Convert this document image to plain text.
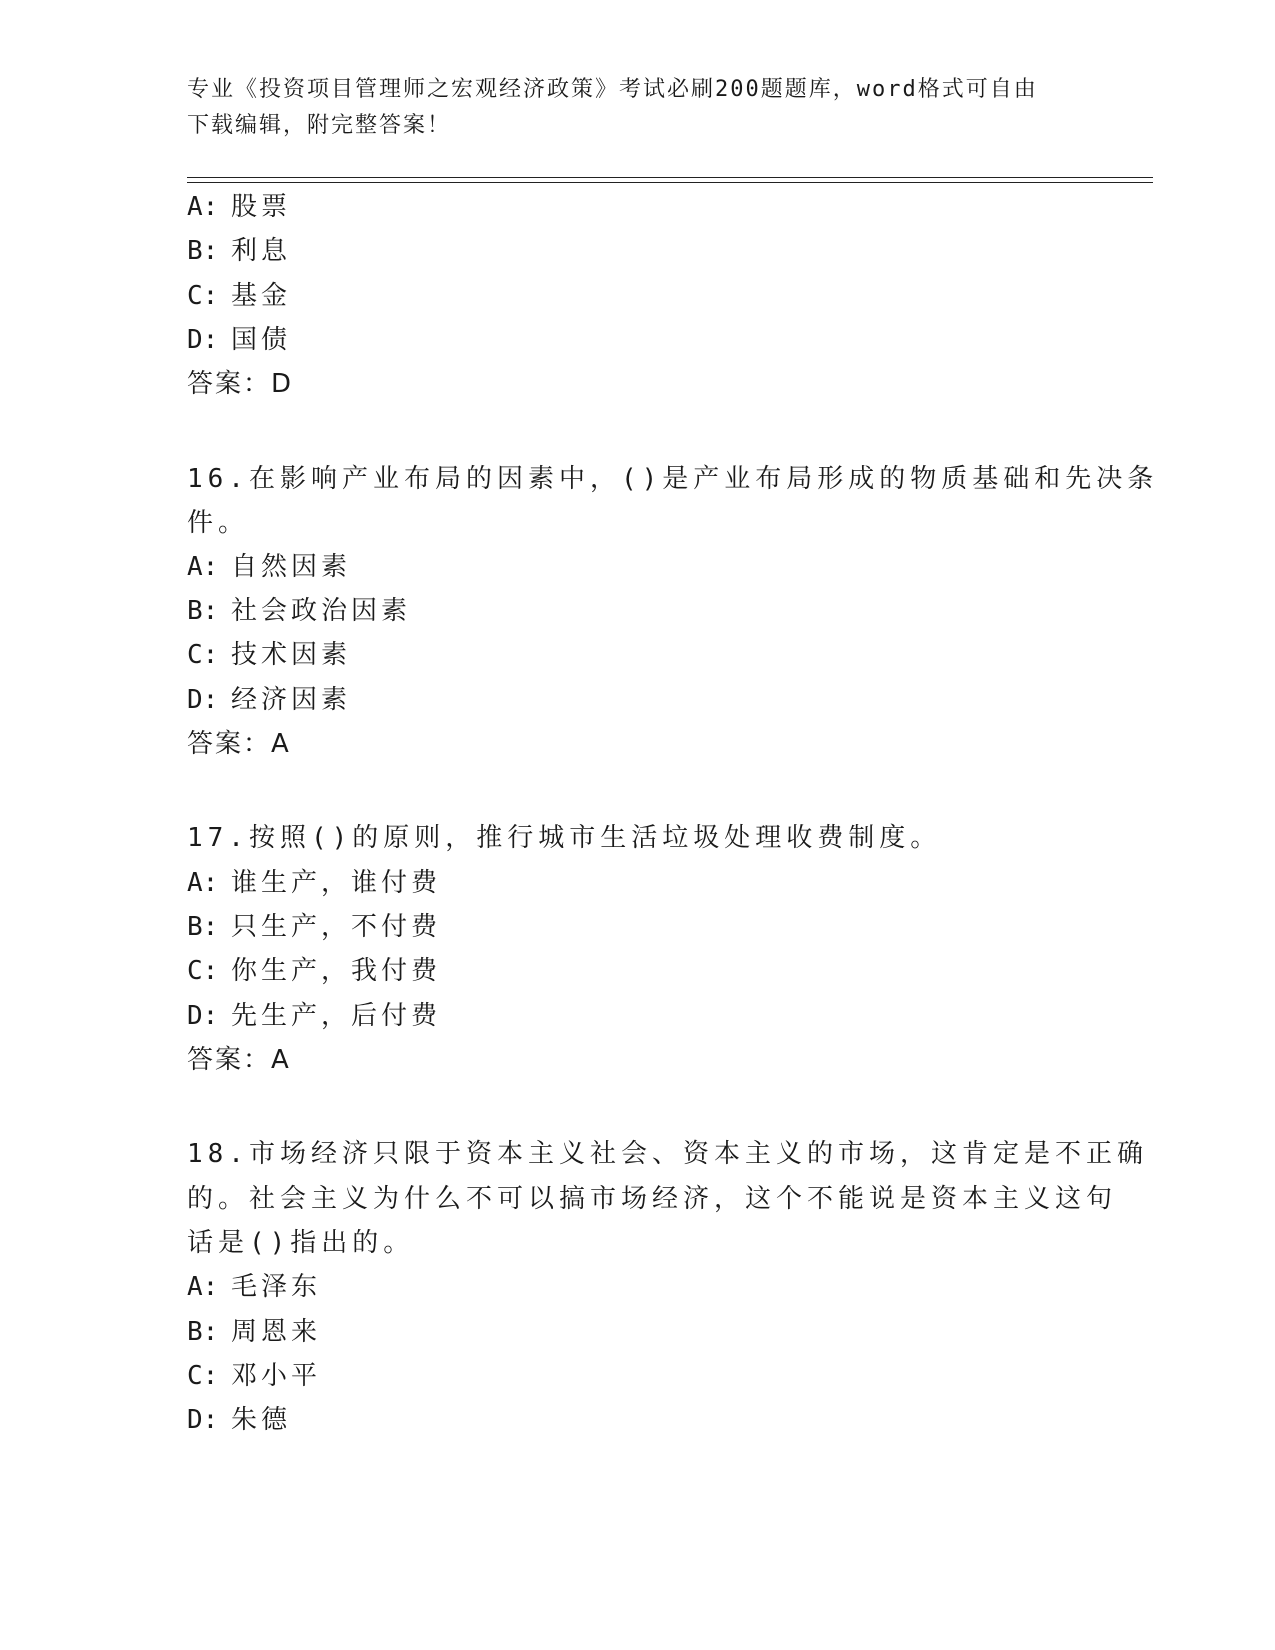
专业《投资项目管理师之宏观经济政策》考试必刷200题题库，word格式可自由
下载编辑，附完整答案！
A: 股票
B: 利息
C: 基金
D: 国债
答案：D
16.在影响产业布局的因素中，()是产业布局形成的物质基础和先决条
件。
A: 自然因素
B: 社会政治因素
C: 技术因素
D: 经济因素
答案：A
17.按照()的原则，推行城市生活垃圾处理收费制度。
A: 谁生产，谁付费
B: 只生产，不付费
C: 你生产，我付费
D: 先生产，后付费
答案：A
18.市场经济只限于资本主义社会、资本主义的市场，这肯定是不正确
的。社会主义为什么不可以搞市场经济，这个不能说是资本主义这句
话是()指出的。
A: 毛泽东
B: 周恩来
C: 邓小平
D: 朱德
